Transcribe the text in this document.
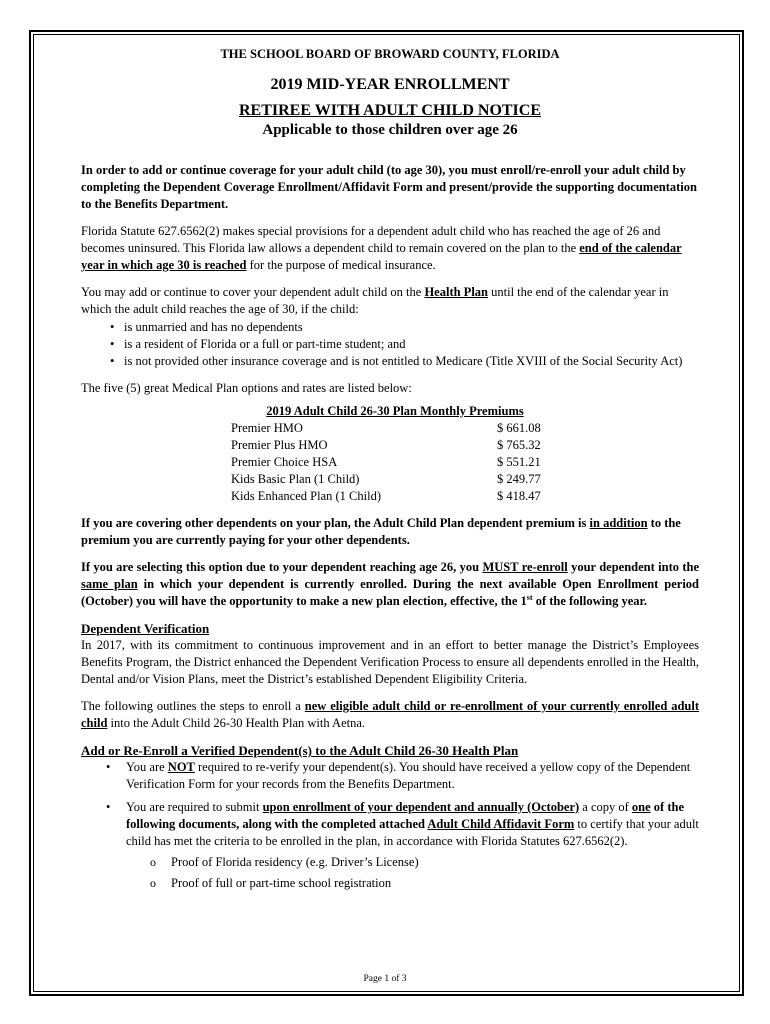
THE SCHOOL BOARD OF BROWARD COUNTY, FLORIDA
2019 MID-YEAR ENROLLMENT
RETIREE WITH ADULT CHILD NOTICE
Applicable to those children over age 26

In order to add or continue coverage for your adult child (to age 30), you must enroll/re-enroll your adult child by completing the Dependent Coverage Enrollment/Affidavit Form and present/provide the supporting documentation to the Benefits Department.

Florida Statute 627.6562(2) makes special provisions for a dependent adult child who has reached the age of 26 and becomes uninsured. This Florida law allows a dependent child to remain covered on the plan to the end of the calendar year in which age 30 is reached for the purpose of medical insurance.

You may add or continue to cover your dependent adult child on the Health Plan until the end of the calendar year in which the adult child reaches the age of 30, if the child:

• is unmarried and has no dependents
• is a resident of Florida or a full or part-time student; and
• is not provided other insurance coverage and is not entitled to Medicare (Title XVIII of the Social Security Act)

The five (5) great Medical Plan options and rates are listed below:

2019 Adult Child 26-30 Plan Monthly Premiums
Premier HMO	$ 661.08
Premier Plus HMO	$ 765.32
Premier Choice HSA	$ 551.21
Kids Basic Plan (1 Child)	$ 249.77
Kids Enhanced Plan (1 Child)	$ 418.47

If you are covering other dependents on your plan, the Adult Child Plan dependent premium is in addition to the premium you are currently paying for your other dependents.

If you are selecting this option due to your dependent reaching age 26, you MUST re-enroll your dependent into the same plan in which your dependent is currently enrolled. During the next available Open Enrollment period (October) you will have the opportunity to make a new plan election, effective, the 1st of the following year.

Dependent Verification

In 2017, with its commitment to continuous improvement and in an effort to better manage the District’s Employees Benefits Program, the District enhanced the Dependent Verification Process to ensure all dependents enrolled in the Health, Dental and/or Vision Plans, meet the District’s established Dependent Eligibility Criteria.

The following outlines the steps to enroll a new eligible adult child or re-enrollment of your currently enrolled adult child into the Adult Child 26-30 Health Plan with Aetna.

Add or Re-Enroll a Verified Dependent(s) to the Adult Child 26-30 Health Plan

• You are NOT required to re-verify your dependent(s). You should have received a yellow copy of the Dependent Verification Form for your records from the Benefits Department.
• You are required to submit upon enrollment of your dependent and annually (October) a copy of one of the following documents, along with the completed attached Adult Child Affidavit Form to certify that your adult child has met the criteria to be enrolled in the plan, in accordance with Florida Statutes 627.6562(2).
o Proof of Florida residency (e.g. Driver’s License)
o Proof of full or part-time school registration
Page 1 of 3
